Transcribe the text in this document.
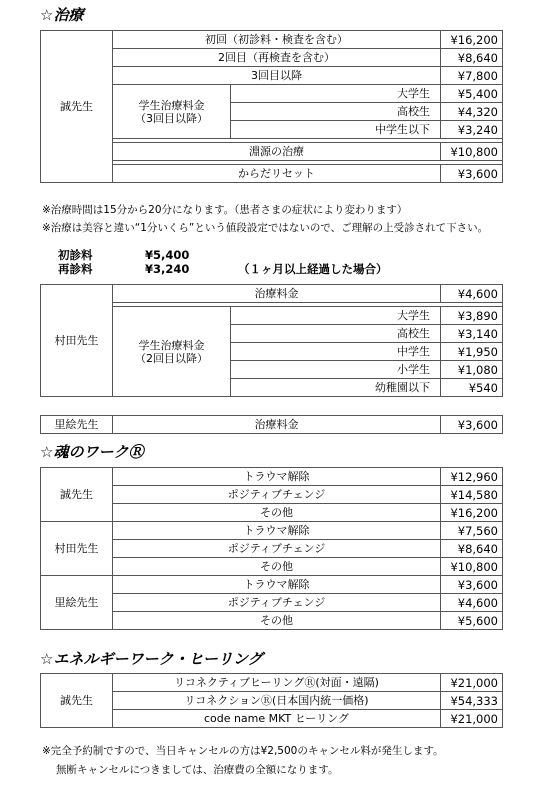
☆治療
誠先生	初回（初診料・検査を含む）		¥16,200
	2回目（再検査を含む）		¥8,640
	3回目以降		¥7,800
	学生治療料金
（3回目以降）	大学生	¥5,400
		高校生	¥4,320
		中学生以下	¥3,240

	淵源の治療		¥10,800

	からだリセット		¥3,600
※治療時間は15分から20分になります。（患者さまの症状により変わります）
※治療は美容と違い“1分いくら”という値段設定ではないので、ご理解の上受診されて下さい。
初診料	¥5,400
再診料	¥3,240	（１ヶ月以上経過した場合）
村田先生	治療料金		¥4,600

	学生治療料金
（2回目以降）	大学生	¥3,890
		高校生	¥3,140
		中学生	¥1,950
		小学生	¥1,080
		幼稚園以下	¥540
里絵先生	治療料金	¥3,600
☆魂のワークⓇ
誠先生	トラウマ解除	¥12,960
	ポジティブチェンジ	¥14,580
	その他	¥16,200
村田先生	トラウマ解除	¥7,560
	ポジティブチェンジ	¥8,640
	その他	¥10,800
里絵先生	トラウマ解除	¥3,600
	ポジティブチェンジ	¥4,600
	その他	¥5,600
☆エネルギーワーク・ヒーリング
誠先生	リコネクティブヒーリングⓇ(対面・遠隔)	¥21,000
	リコネクションⓇ(日本国内統一価格)	¥54,333
	code name MKT ヒーリング	¥21,000
※完全予約制ですので、当日キャンセルの方は¥2,500のキャンセル料が発生します。
無断キャンセルにつきましては、治療費の全額になります。
